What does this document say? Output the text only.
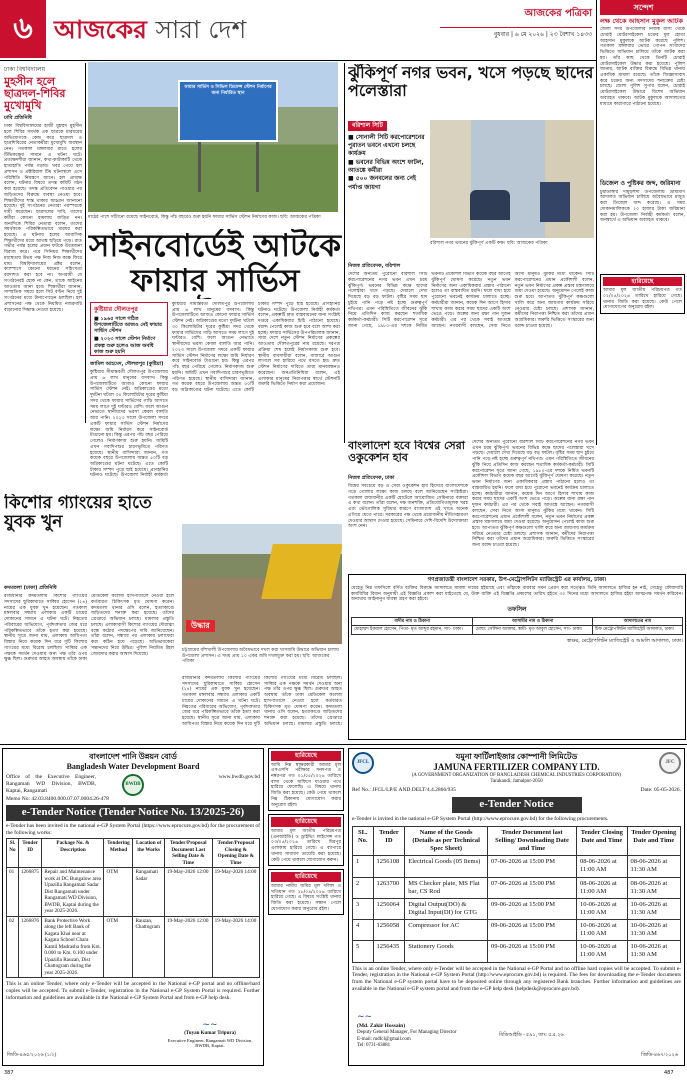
৬ আজকের সারা দেশ
আজকের পত্রিকা
বুধবার | ৬ মে ২০২৬ | ২৩ বৈশাখ ১৪৩৩
সন্দেশ
ঢাকা বিশ্ববিদ্যালয়
মুহসীন হলে ছাত্রদল-শিবির মুখোমুখি
ঢাবি প্রতিনিধি
ঢাকা বিশ্ববিদ্যালয়ের হাজী মুহম্মদ মুহসীন হলে শিবির সমর্থক এক ছাত্রকে মারধরের অভিযোগকে কেন্দ্র করে ছাত্রদল ও ছাত্রশিবিরের নেতাকর্মীরা মুখোমুখি অবস্থান নেন। গতকাল মঙ্গলবার রাতে হলের টিভিকক্ষের সামনে এ ঘটনা ঘটে। প্রত্যক্ষদর্শীরা জানান, কথা-কাটাকাটি থেকে হাতাহাতি পর্যন্ত গড়ায়। খবর পেয়ে হল প্রশাসন ও প্রক্টরিয়াল টিম ঘটনাস্থলে এসে পরিস্থিতি নিয়ন্ত্রণে আনে। হল প্রাধ্যক্ষ বলেন, ঘটনার বিষয়ে তদন্ত কমিটি গঠন করা হয়েছে। তদন্ত প্রতিবেদন পাওয়ার পর জড়িতদের বিরুদ্ধে ব্যবস্থা নেওয়া হবে। শিক্ষার্থীদের শান্ত থাকার আহ্বান জানানো হয়েছে। দুই সংগঠনের নেতারা পরস্পরকে দায়ী করেছেন। ছাত্রদলের দাবি, তাদের কর্মীরা কোনো হামলায় জড়িত নন। অন্যদিকে শিবির নেতারা বলেন, তাদের সমর্থককে পরিকল্পিতভাবে মারধর করা হয়েছে। এ ঘটনায় হলের আবাসিক শিক্ষার্থীদের মধ্যে আতঙ্ক ছড়িয়ে পড়ে। রাত গভীর পর্যন্ত হলের প্রধান ফটকে উত্তেজনা বিরাজ করে। পরে সিনিয়র শিক্ষার্থীদের মধ্যস্থতায় উভয় পক্ষ নিজ নিজ কক্ষে ফিরে যায়। বিশ্ববিদ্যালয়ের প্রক্টর বলেন, ক্যাম্পাসে কোনো ধরনের সহিংসতা বরদাশত করা হবে না। অপরাধী যে সংগঠনেরই হোক না কেন, তাকে আইনের আওতায় আনা হবে। শিক্ষার্থীরা জানান, সাম্প্রতিক সময়ে হলে সিট বণ্টন নিয়ে দুই সংগঠনের মধ্যে টানাপোড়েন চলছিল। হল প্রশাসনের পক্ষ থেকে নিয়মিত নজরদারি বাড়ানোর সিদ্ধান্ত নেওয়া হয়েছে।
ফায়ার সার্ভিস ও সিভিল ডিফেন্স স্টেশন নির্মাণের জন্য নির্ধারিত স্থান
মাঠের পাশে সাঁটানো রয়েছে সাইনবোর্ড, কিন্তু পাঁচ বছরেও শুরু হয়নি ফায়ার সার্ভিস স্টেশন নির্মাণের কাজ। ছবি: আজকের পত্রিকা
সাইনবোর্ডেই আটকে ফায়ার সার্ভিস
কুষ্টিয়ার দৌলতপুর
■ ১৯৬৫ সালে গঠিত উপজেলাটিতে আজও নেই ফায়ার সার্ভিস স্টেশন
■ ২০২৩ সালে স্টেশন নির্মাণে প্রকল্প শুরু হলেও আজ অবধি কাজ শুরু হয়নি
জামিল আহমেদ, দৌলতপুর (কুষ্টিয়া)
কুষ্টিয়ার সীমান্তবর্তী দৌলতপুর উপজেলায় প্রায় ৬ লাখ মানুষের বসবাস। কিন্তু উপজেলাটিতে আজও কোনো ফায়ার সার্ভিস স্টেশন নেই। অগ্নিকাণ্ডের মতো দুর্ঘটনা ঘটলে ৩০ কিলোমিটার দূরের কুষ্টিয়া সদর থেকে ফায়ার সার্ভিসের গাড়ি আসতে সময় লাগে দুই ঘণ্টারও বেশি। ফলে আগুন নেভাতে স্থানীয়দের ভরসা কেবল বালতি আর পানি। ২০২৩ সালে উপজেলা সদরে একটি ফায়ার সার্ভিস স্টেশন নির্মাণের লক্ষ্যে জমি নির্ধারণ করে সাইনবোর্ড টাঙানো হয়। কিন্তু এরপর পাঁচ বছর পেরিয়ে গেলেও নির্মাণকাজ শুরু হয়নি। জমিটি এখন গবাদিপশুর চারণভূমিতে পরিণত হয়েছে। স্থানীয় বাসিন্দারা জানান, গত কয়েক বছরে উপজেলায় অন্তত ৫০টি বড় অগ্নিকাণ্ডের ঘটনা ঘটেছে। এতে কোটি টাকার সম্পদ পুড়ে ছাই হয়েছে। প্রাণহানির ঘটনাও ঘটেছে। উপজেলা নির্বাহী কর্মকর্তা
কুষ্টিয়ার সীমান্তবর্তী দৌলতপুর উপজেলায় প্রায় ৬ লাখ মানুষের বসবাস। কিন্তু উপজেলাটিতে আজও কোনো ফায়ার সার্ভিস স্টেশন নেই। অগ্নিকাণ্ডের মতো দুর্ঘটনা ঘটলে ৩০ কিলোমিটার দূরের কুষ্টিয়া সদর থেকে ফায়ার সার্ভিসের গাড়ি আসতে সময় লাগে দুই ঘণ্টারও বেশি। ফলে আগুন নেভাতে স্থানীয়দের ভরসা কেবল বালতি আর পানি। ২০২৩ সালে উপজেলা সদরে একটি ফায়ার সার্ভিস স্টেশন নির্মাণের লক্ষ্যে জমি নির্ধারণ করে সাইনবোর্ড টাঙানো হয়। কিন্তু এরপর পাঁচ বছর পেরিয়ে গেলেও নির্মাণকাজ শুরু হয়নি। জমিটি এখন গবাদিপশুর চারণভূমিতে পরিণত হয়েছে। স্থানীয় বাসিন্দারা জানান, গত কয়েক বছরে উপজেলায় অন্তত ৫০টি বড় অগ্নিকাণ্ডের ঘটনা ঘটেছে। এতে কোটি টাকার সম্পদ পুড়ে ছাই হয়েছে। প্রাণহানির ঘটনাও ঘটেছে। উপজেলা নির্বাহী কর্মকর্তা বলেন, প্রকল্পটি দ্রুত বাস্তবায়নের জন্য সংশ্লিষ্ট দপ্তরে একাধিকবার চিঠি পাঠানো হয়েছে। বরাদ্দ পেলেই কাজ শুরু হবে বলে আশা করা হচ্ছে। ফায়ার সার্ভিসের উপপরিচালক জানান, সারা দেশে নতুন স্টেশন নির্মাণের প্রকল্পের আওতায় দৌলতপুরের নাম রয়েছে। দরপত্র প্রক্রিয়া শেষ হলেই নির্মাণকাজ শুরু হবে। স্থানীয় ব্যবসায়ীরা বলেন, বাজারে আগুন লাগলে সব হারিয়ে পথে বসতে হয়। দ্রুত স্টেশন নির্মাণের দাবিতে তারা মানববন্ধনও করেছেন। জনপ্রতিনিধিরা বলেন, এই এলাকার মানুষের নিরাপত্তার স্বার্থে স্টেশনটি জরুরি ভিত্তিতে নির্মাণ করা প্রয়োজন।
কিশোর গ্যাংয়ের হাতে যুবক খুন
কদমতলা (ঢাকা) প্রতিনিধি
রাজধানীর কদমতলায় কিশোর গ্যাংয়ের সদস্যদের ছুরিকাঘাতে সাব্বির হোসেন (২৪) নামের এক যুবক খুন হয়েছেন। গতকাল মঙ্গলবার সন্ধ্যায় এলাকার একটি চায়ের দোকানের সামনে এ ঘটনা ঘটে। নিহতের পরিবারের অভিযোগ, পূর্বশত্রুতার জের ধরে পরিকল্পিতভাবে তাঁকে হত্যা করা হয়েছে। স্থানীয় সূত্রে জানা যায়, এলাকায় আধিপত্য বিস্তার নিয়ে কয়েক দিন ধরে দুটি কিশোর গ্যাংয়ের মধ্যে বিরোধ চলছিল। সাব্বির এক পক্ষকে সমর্থন দেওয়ায় অন্য পক্ষ তাঁর ওপর ক্ষুব্ধ ছিল। গুরুতর আহত অবস্থায় তাঁকে ঢাকা মেডিকেল কলেজ হাসপাতালে নেওয়া হলে কর্তব্যরত চিকিৎসক মৃত ঘোষণা করেন। কদমতলা থানার ওসি বলেন, হত্যাকাণ্ডে জড়িতদের শনাক্ত করা হয়েছে। তাঁদের গ্রেপ্তারে অভিযান চলছে। মামলার প্রস্তুতি চলছে। এলাকাবাসী কিশোর গ্যাংয়ের দৌরাত্ম্য বন্ধে কঠোর পদক্ষেপের দাবি জানিয়েছেন। তাঁরা বলেন, সন্ধ্যার পর এলাকায় চলাফেরা করা কঠিন হয়ে পড়েছে। অভিভাবকেরা সন্তানদের নিয়ে উদ্বিগ্ন। পুলিশ নিয়মিত টহল জোরদার করার আশ্বাস দিয়েছে।
উদ্ধার
চট্টগ্রামের বাঁশখালী উপজেলায় অবৈধভাবে দখল করা খাসজমি উদ্ধারে অভিযান চালায় উপজেলা প্রশাসন। এ সময় প্রায় ১০ একর জমি দখলমুক্ত করা হয়। ছবি: আজকের পত্রিকা
রাজধানীর কদমতলায় কিশোর গ্যাংয়ের সদস্যদের ছুরিকাঘাতে সাব্বির হোসেন (২৪) নামের এক যুবক খুন হয়েছেন। গতকাল মঙ্গলবার সন্ধ্যায় এলাকার একটি চায়ের দোকানের সামনে এ ঘটনা ঘটে। নিহতের পরিবারের অভিযোগ, পূর্বশত্রুতার জের ধরে পরিকল্পিতভাবে তাঁকে হত্যা করা হয়েছে। স্থানীয় সূত্রে জানা যায়, এলাকায় আধিপত্য বিস্তার নিয়ে কয়েক দিন ধরে দুটি কিশোর গ্যাংয়ের মধ্যে বিরোধ চলছিল। সাব্বির এক পক্ষকে সমর্থন দেওয়ায় অন্য পক্ষ তাঁর ওপর ক্ষুব্ধ ছিল। গুরুতর আহত অবস্থায় তাঁকে ঢাকা মেডিকেল কলেজ হাসপাতালে নেওয়া হলে কর্তব্যরত চিকিৎসক মৃত ঘোষণা করেন। কদমতলা থানার ওসি বলেন, হত্যাকাণ্ডে জড়িতদের শনাক্ত করা হয়েছে। তাঁদের গ্রেপ্তারে অভিযান চলছে। মামলার প্রস্তুতি চলছে।
ঝুঁকিপূর্ণ নগর ভবন, খসে পড়ছে ছাদের পলেস্তারা
বরিশাল সিটি
■ সোনালী সিটি করপোরেশনের পুরাতন ভবনে এখনো চলছে কার্যক্রম
■ ভবনের বিভিন্ন অংশে ফাটল, আতঙ্কে কর্মীরা
■ ৫০০ জনবলের জন্য নেই পর্যাপ্ত জায়গা
বরিশাল নগর ভবনের ঝুঁকিপূর্ণ একটি কক্ষ। ছবি: আজকের পত্রিকা
নিজস্ব প্রতিবেদক, বরিশাল
দেশের অন্যতম পুরোনো বরিশাল সিটি করপোরেশনের নগর ভবন এখন চরম ঝুঁকিপূর্ণ। ভবনের বিভিন্ন কক্ষে ছাদের পলেস্তারা খসে পড়ছে। দেয়ালে দেখা দিয়েছে বড় বড় ফাটল। বৃষ্টির সময় ছাদ চুইয়ে পানি পড়ে নষ্ট হচ্ছে গুরুত্বপূর্ণ নথিপত্র। এমন পরিস্থিতিতে জীবনের ঝুঁকি নিয়ে প্রতিদিন কাজ করছেন শতাধিক কর্মকর্তা-কর্মচারী। সিটি করপোরেশন সূত্রে জানা গেছে, ১৯৮০-এর দশকে নির্মিত ভবনটি প্রকৌশল বিভাগ কয়েক বছর আগেই ঝুঁকিপূর্ণ ঘোষণা করেছে। নতুন ভবন নির্মাণের জন্য একাধিকবার প্রস্তাব পাঠানো হলেও তা বাস্তবায়িত হয়নি। ফলে বাধ্য হয়ে পুরোনো ভবনেই কার্যক্রম চালাতে হচ্ছে। কর্মচারীরা জানান, কয়েক দিন আগে হিসাব শাখায় কাজ করার সময় ছাদের একটি অংশ ভেঙে পড়ে। অল্পের জন্য রক্ষা পান দুজন কর্মচারী। এর পর থেকে সবাই আতঙ্কে আছেন। নগরবাসী বলছেন, সেবা নিতে আসা মানুষও ঝুঁকির মধ্যে থাকেন। সিটি করপোরেশনের প্রধান প্রকৌশলী বলেন, নতুন ভবন নির্মাণের প্রকল্প প্রস্তাব মন্ত্রণালয়ে জমা দেওয়া হয়েছে। অনুমোদন পেলেই কাজ শুরু হবে। আপাতত ঝুঁকিপূর্ণ কক্ষগুলো খালি করে অন্য জায়গায় কার্যক্রম সরিয়ে নেওয়ার চেষ্টা চলছে। প্রশাসক জানান, কর্মীদের নিরাপত্তা নিশ্চিত করা তাঁদের প্রধান অগ্রাধিকার। জরুরি ভিত্তিতে সংস্কারের জন্য বরাদ্দ চাওয়া হয়েছে।
বাংলাদেশ হবে বিশ্বের সেরা ওকুকেশন হাব
নিজস্ব প্রতিবেদক, ঢাকা
বিশ্বের সবচেয়ে বড় ও সেরা ওকুকেশন হাব হিসেবে বাংলাদেশকে গড়ে তোলার লক্ষ্যে কাজ চলছে বলে জানিয়েছেন সংশ্লিষ্টরা। গতকাল রাজধানীর একটি হোটেলে আয়োজিত সেমিনারে বক্তারা এ কথা বলেন। তাঁরা বলেন, দক্ষ জনশক্তি, প্রতিযোগিতামূলক খরচ এবং ভৌগোলিক সুবিধার কারণে বাংলাদেশ এই খাতে অনেক এগিয়ে যেতে পারে। সরকারের পক্ষ থেকে প্রয়োজনীয় নীতিসহায়তা দেওয়ার আশ্বাস দেওয়া হয়েছে। সেমিনারে দেশি-বিদেশি উদ্যোক্তারা অংশ নেন।
দেশের অন্যতম পুরোনো বরিশাল সিটি করপোরেশনের নগর ভবন এখন চরম ঝুঁকিপূর্ণ। ভবনের বিভিন্ন কক্ষে ছাদের পলেস্তারা খসে পড়ছে। দেয়ালে দেখা দিয়েছে বড় বড় ফাটল। বৃষ্টির সময় ছাদ চুইয়ে পানি পড়ে নষ্ট হচ্ছে গুরুত্বপূর্ণ নথিপত্র। এমন পরিস্থিতিতে জীবনের ঝুঁকি নিয়ে প্রতিদিন কাজ করছেন শতাধিক কর্মকর্তা-কর্মচারী। সিটি করপোরেশন সূত্রে জানা গেছে, ১৯৮০-এর দশকে নির্মিত ভবনটি প্রকৌশল বিভাগ কয়েক বছর আগেই ঝুঁকিপূর্ণ ঘোষণা করেছে। নতুন ভবন নির্মাণের জন্য একাধিকবার প্রস্তাব পাঠানো হলেও তা বাস্তবায়িত হয়নি। ফলে বাধ্য হয়ে পুরোনো ভবনেই কার্যক্রম চালাতে হচ্ছে। কর্মচারীরা জানান, কয়েক দিন আগে হিসাব শাখায় কাজ করার সময় ছাদের একটি অংশ ভেঙে পড়ে। অল্পের জন্য রক্ষা পান দুজন কর্মচারী। এর পর থেকে সবাই আতঙ্কে আছেন। নগরবাসী বলছেন, সেবা নিতে আসা মানুষও ঝুঁকির মধ্যে থাকেন। সিটি করপোরেশনের প্রধান প্রকৌশলী বলেন, নতুন ভবন নির্মাণের প্রকল্প প্রস্তাব মন্ত্রণালয়ে জমা দেওয়া হয়েছে। অনুমোদন পেলেই কাজ শুরু হবে। আপাতত ঝুঁকিপূর্ণ কক্ষগুলো খালি করে অন্য জায়গায় কার্যক্রম সরিয়ে নেওয়ার চেষ্টা চলছে। প্রশাসক জানান, কর্মীদের নিরাপত্তা নিশ্চিত করা তাঁদের প্রধান অগ্রাধিকার। জরুরি ভিত্তিতে সংস্কারের জন্য বরাদ্দ চাওয়া হয়েছে।
লক্ষ থেকে আহসান মুকুল আটক
জেলা সদর উপজেলার নিজস্ব বাসা থেকে চোরাই মোটরসাইকেল চক্রের মূল হোতা আহসান মুকুলকে আটক করেছে পুলিশ। গতকাল মঙ্গলবার ভোরে গোপন সংবাদের ভিত্তিতে অভিযান চালিয়ে তাঁকে আটক করা হয়। তাঁর কাছ থেকে তিনটি চোরাই মোটরসাইকেল উদ্ধার করা হয়েছে। পুলিশ জানায়, আটক ব্যক্তির বিরুদ্ধে বিভিন্ন থানায় একাধিক মামলা রয়েছে। তাঁকে জিজ্ঞাসাবাদ করে চক্রের অন্য সদস্যদের শনাক্তের চেষ্টা চলছে। জেলা পুলিশ সুপার বলেন, চোরাই মোটরসাইকেল উদ্ধারে বিশেষ অভিযান অব্যাহত থাকবে। আটক মুকুলকে আদালতের মাধ্যমে কারাগারে পাঠানো হয়েছে।
ডিজেল ও পুষ্টিকর জব্দ, জরিমানা
চুয়াডাঙ্গার দামুড়হুদা উপজেলায় ভ্রাম্যমাণ আদালত অভিযান চালিয়ে অবৈধভাবে মজুত করা ডিজেল জব্দ করেছে। এ সময় দোকানমালিককে ২০ হাজার টাকা জরিমানা করা হয়। উপজেলা নির্বাহী কর্মকর্তা বলেন, জনস্বার্থে এ অভিযান অব্যাহত থাকবে।
হারিয়েছে
আমার মূল জাতীয় পরিচয়পত্র গত ০২/০৫/২০২৬ তারিখে হারিয়ে গেছে। থানায় জিডি করা হয়েছে। কেউ পেলে যোগাযোগের অনুরোধ রইল।
গণপ্রজাতন্ত্রী বাংলাদেশ সরকার, উপ-মেট্রোপলিটন ম্যাজিস্ট্রেট এর কার্যালয়, ঢাকা।
যেহেতু নিম্ন তফসিলে বর্ণিত ব্যক্তির বিরুদ্ধে আদালতে মামলা দায়ের হইয়াছে এবং তাঁহাকে বারবার সমন প্রেরণ করা সত্ত্বেও তিনি আদালতে হাজির হন নাই, সেহেতু ফৌজদারি কার্যবিধির বিধান অনুযায়ী এই বিজ্ঞপ্তি প্রকাশ করা যাইতেছে যে, উক্ত ব্যক্তি এই বিজ্ঞপ্তি প্রকাশের তারিখ হইতে ৩০ দিনের মধ্যে আদালতে হাজির হইয়া আত্মপক্ষ সমর্থন করিবেন। অন্যথায় আইনানুগ ব্যবস্থা গ্রহণ করা হইবে।
তফসিল
বাদীর নাম ও ঠিকানা	আসামীর নাম ও ঠিকানা	আদালতের নাম
মোহাম্মদ ইকবাল হোসেন, পিতা- মৃত আব্দুর রহমান, সাং- ঢাকা।	মোছা: সেলিনা আক্তার, স্বামী- মৃত আবুল হোসেন, সাং- ঢাকা।	চিফ মেট্রোপলিটন ম্যাজিস্ট্রেট আদালত, ঢাকা।
স্বাক্ষর, মেট্রোপলিটন ম্যাজিস্ট্রেট ও আমলি আদালত, ঢাকা।
বাংলাদেশ পানি উন্নয়ন বোর্ড
Bangladesh Water Development Board
Office of the Executive Engineer, Rangamati WD Division, BWDB, Kaptai, Rangamati
BWDB
www.bwdb.gov.bd
Memo No: 42.03.8400.000.07.07.0004.26-478
e-Tender Notice (Tender Notice No. 13/2025-26)
e-Tender has been invited in the national e-GP System Portal (https://www.eprocure.gov.bd) for the procurement of the following works:
Sl. No	Tender ID	Package No. & Description	Tendering Method	Location of the Works	Tender/Proposal Document Last Selling Date & Time	Tender/Proposal Closing & Opening Date & Time
01	1266875	Repair and Maintenance work at DC Bungalow area Upazilla Rangamati Sadar Dist Rangamati under Rangamati WD Division, BWDB, Kaptai during the year 2025-2026.	OTM	Rangamati Sadar	19-May-2026 12:00	19-May-2026 14:00
02	1266876	Bank Protective Work along the left Bank of Kagata Khal near at Kagata School Chara Kamil Madrasha from Km. 0.000 to Km. 0.100 under Upazilla Rauzan, Dist Chattogram during the year 2025-2026.	OTM	Rauzan, Chattogram	19-May-2026 12:00	19-May-2026 14:00
This is an online Tender, where only e-Tender will be accepted in the National e-GP portal and no offline/hard copies will be accepted. To submit e-Tender, registration in the National e-GP System Portal is required. Further information and guidelines are available in the National e-GP System Portal and from e-GP help desk.
~~
(Tuyan Kumar Tripura)
Executive Engineer, Rangamati WD Division, BWDB, Kaptai.
জিডি-৪৬৫/২০২৬ (১/২)
হারিয়েছে
আমি নিম্ন স্বাক্ষরকারী আমার মূল এসএসসি পরীক্ষার সনদপত্র ও নম্বরপত্র গত ০১/০৫/২০২৬ তারিখে বাসা থেকে অফিসে যাওয়ার পথে হারিয়ে ফেলেছি। এ বিষয়ে থানায় জিডি করা হয়েছে। কেউ পেয়ে থাকলে নিম্ন ঠিকানায় যোগাযোগ করার অনুরোধ রইল।
হারিয়েছে
আমার মূল জাতীয় পরিচয়পত্র (এনআইডি) ও ড্রাইভিং লাইসেন্স গত ০৩/০৫/২০২৬ তারিখে মিরপুর এলাকায় হারিয়ে গেছে। এ ব্যাপারে থানায় সাধারণ ডায়েরি করা হয়েছে। কেউ পেয়ে থাকলে যোগাযোগ করুন।
হারিয়েছে
আমার নামীয় জমির মূল দলিল ও খতিয়ান গত ২৮/০৪/২০২৬ তারিখে হারিয়ে গেছে। এ বিষয়ে সংশ্লিষ্ট থানায় জিডি করা হয়েছে। সন্ধান পেলে যোগাযোগ করার অনুরোধ রইল।
JFCL
যমুনা ফার্টিলাইজার কোম্পানী লিমিটেড
JAMUNA FERTILIZER COMPANY LTD.
(A GOVERNMENT ORGANIZATION OF BANGLADESH CHEMICAL INDUSTRIES CORPORATION)
Tarakandi, Jamalpur-2050
JFC
Ref No.: JFCL/LP/E AND DELT/4.4.2866/935	Date: 05-05-2026.
e-Tender Notice
e-Tender is invited in the national e-GP System Portal (http://www.eprocure.gov.bd) for the following procurements.
SL. No.	Tender ID	Name of the Goods (Details as per Technical Spec Sheet)	Tender Document last Selling/ Downloading Date and Time	Tender Closing Date and Time	Tender Opening Date and Time
1	1256108	Electrical Goods (05 Items)	07-06-2026 at 15:00 PM	08-06-2026 at 11:00 AM	08-06-2026 at 11:30 AM
2	1263700	MS Checker plate, MS Flat bar, CS Rod	07-06-2026 at 15:00 PM	08-06-2026 at 11:00 AM	08-06-2026 at 11:30 AM
3	1256064	Digital Output(DO) & Digital Input(DI) for GTG	09-06-2026 at 15:00 PM	10-06-2026 at 11:00 AM	10-06-2026 at 11:30 AM
4	1256058	Compressor for AC	09-06-2026 at 15:00 PM	10-06-2026 at 11:00 AM	10-06-2026 at 11:30 AM
5	1256435	Stationery Goods	09-06-2026 at 15:00 PM	10-06-2026 at 11:00 AM	10-06-2026 at 11:30 AM
This is an online Tender, where only e-Tender will be accepted in the National e-GP Portal and no offline hard copies will be accepted. To submit e-Tender, registration in the National e-GP System Portal (http://www.eprocure.gov.bd) is required. The fees for downloading the e-Tender documents from the National e-GP system portal have to be deposited online through any registered Bank branches. Further information and guidelines are available in the National e-GP system portal and from the e-GP help desk (helpdesk@eprocure.gov.bd).
~~
(Md. Zakir Hossain)
Deputy General Manager, For Managing Director
E-mail: mdfcl@gmail.com
Tel: 0731-63881
বিডিআইডি - ৫৯১, তাং: ৫.৫.২৬
জিডি-৪৬৭/২০২৬
387	487
